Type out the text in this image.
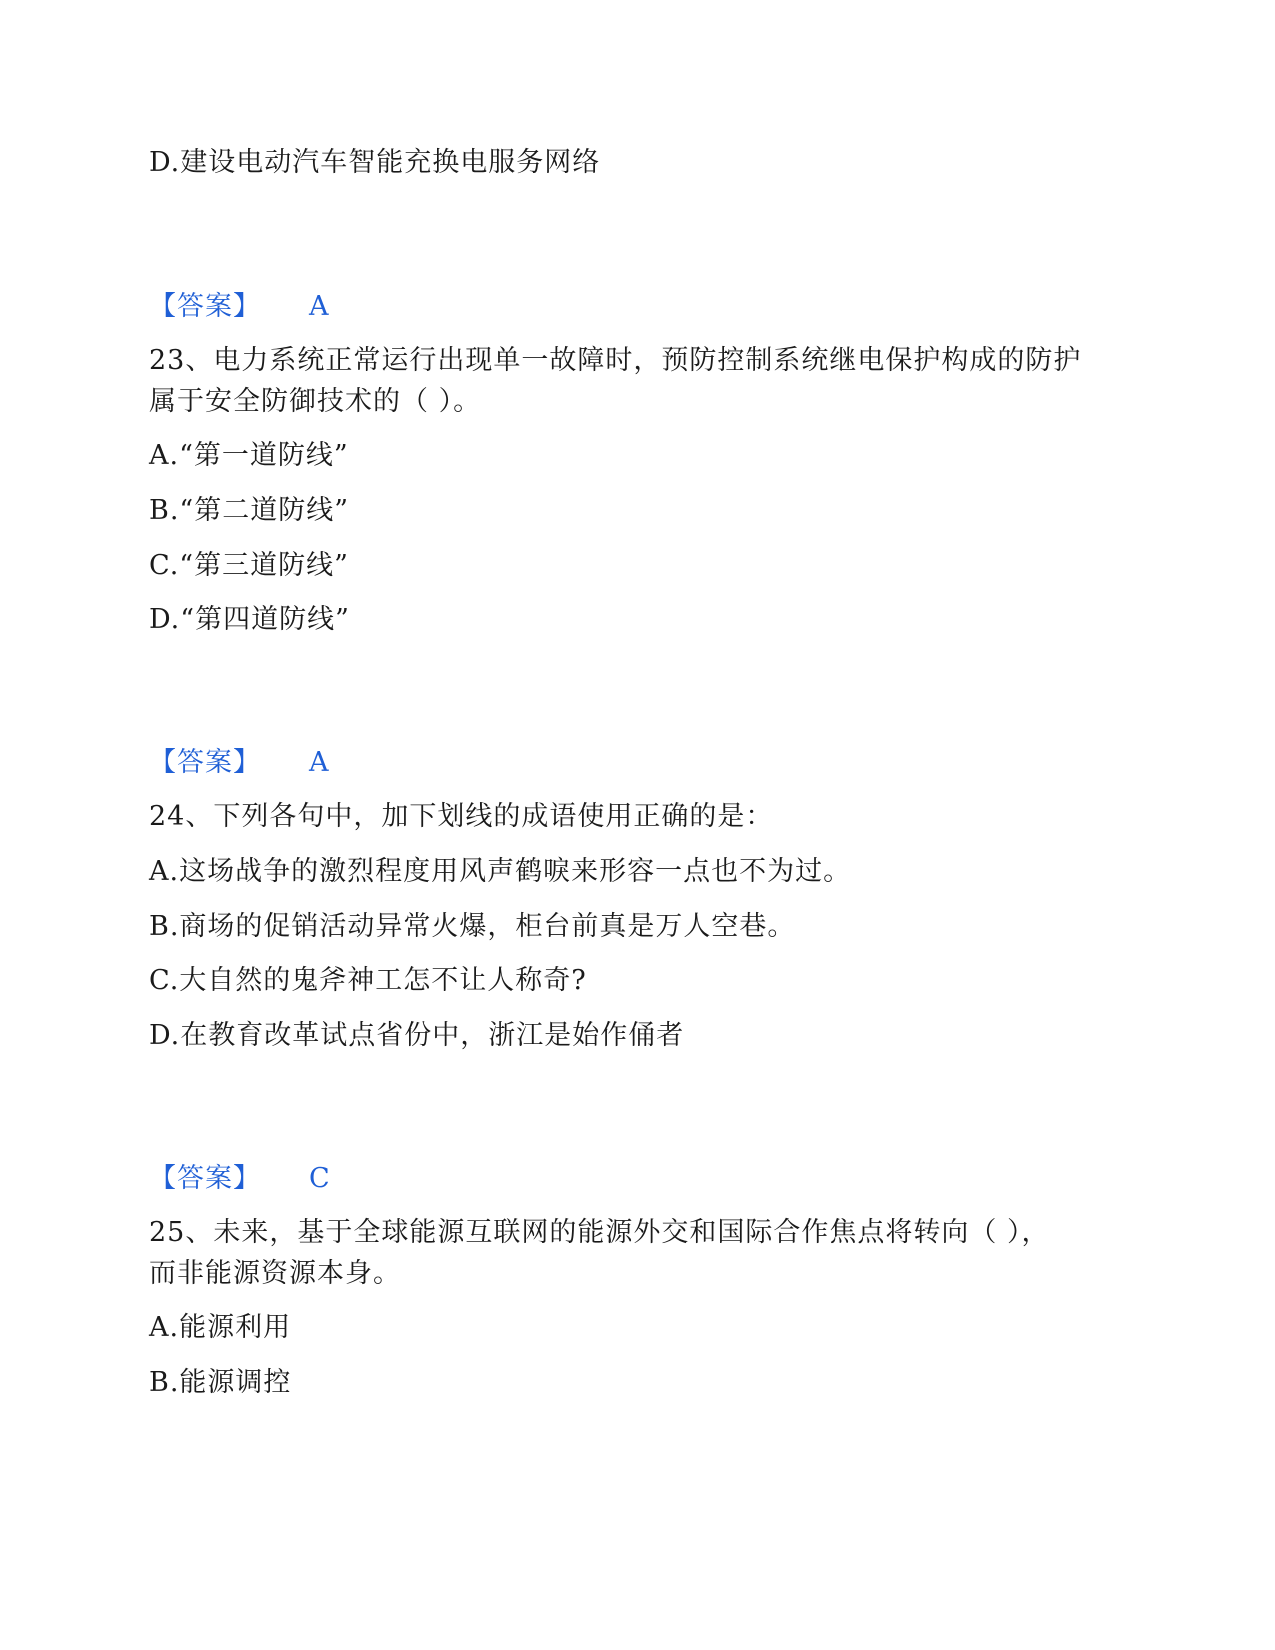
D.建设电动汽车智能充换电服务网络
【答案】 A
23、电力系统正常运行出现单一故障时，预防控制系统继电保护构成的防护
属于安全防御技术的（ ）。
A.“第一道防线”
B.“第二道防线”
C.“第三道防线”
D.“第四道防线”
【答案】 A
24、下列各句中，加下划线的成语使用正确的是：
A.这场战争的激烈程度用风声鹤唳来形容一点也不为过。
B.商场的促销活动异常火爆，柜台前真是万人空巷。
C.大自然的鬼斧神工怎不让人称奇?
D.在教育改革试点省份中，浙江是始作俑者
【答案】 C
25、未来，基于全球能源互联网的能源外交和国际合作焦点将转向（ ），
而非能源资源本身。
A.能源利用
B.能源调控
